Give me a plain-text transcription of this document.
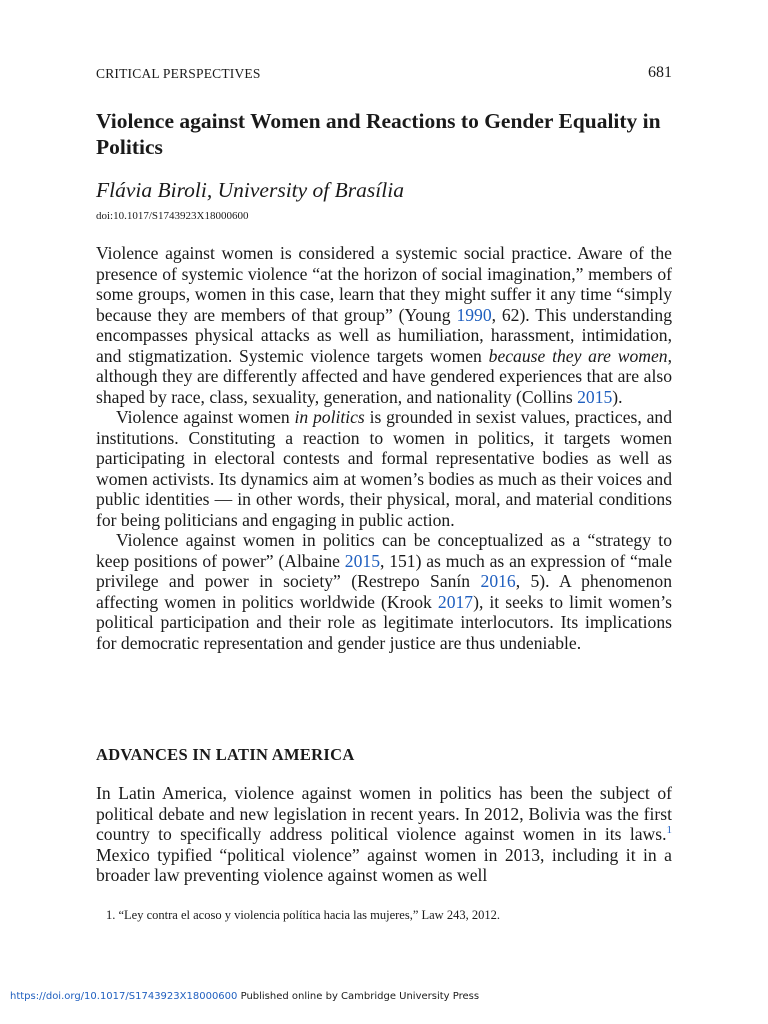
CRITICAL PERSPECTIVES	681
Violence against Women and Reactions to Gender Equality in Politics
Flávia Biroli, University of Brasília
doi:10.1017/S1743923X18000600

Violence against women is considered a systemic social practice. Aware of the presence of systemic violence “at the horizon of social imagination,” members of some groups, women in this case, learn that they might suffer it any time “simply because they are members of that group” (Young 1990, 62). This understanding encompasses physical attacks as well as humiliation, harassment, intimidation, and stigmatization. Systemic violence targets women because they are women, although they are differently affected and have gendered experiences that are also shaped by race, class, sexuality, generation, and nationality (Collins 2015).

Violence against women in politics is grounded in sexist values, practices, and institutions. Constituting a reaction to women in politics, it targets women participating in electoral contests and formal representative bodies as well as women activists. Its dynamics aim at women’s bodies as much as their voices and public identities — in other words, their physical, moral, and material conditions for being politicians and engaging in public action.

Violence against women in politics can be conceptualized as a “strategy to keep positions of power” (Albaine 2015, 151) as much as an expression of “male privilege and power in society” (Restrepo Sanín 2016, 5). A phenomenon affecting women in politics worldwide (Krook 2017), it seeks to limit women’s political participation and their role as legitimate interlocutors. Its implications for democratic representation and gender justice are thus undeniable.

ADVANCES IN LATIN AMERICA

In Latin America, violence against women in politics has been the subject of political debate and new legislation in recent years. In 2012, Bolivia was the first country to specifically address political violence against women in its laws.$^1$ Mexico typified “political violence” against women in 2013, including it in a broader law preventing violence against women as well

1. “Ley contra el acoso y violencia política hacia las mujeres,” Law 243, 2012.
https://doi.org/10.1017/S1743923X18000600 Published online by Cambridge University Press
